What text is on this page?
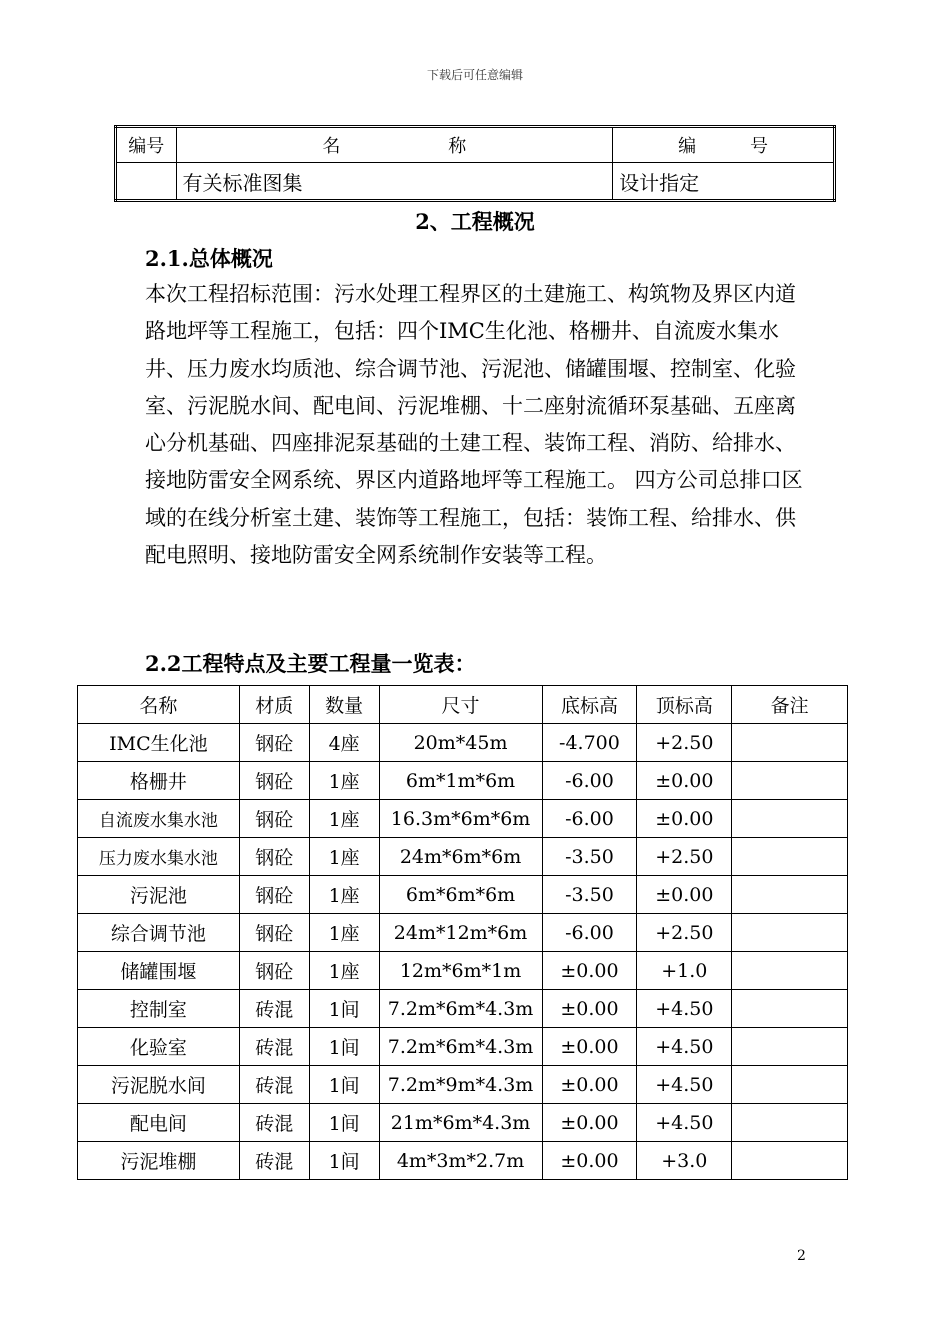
下载后可任意编辑
编号	名　　　　　　称	编　　　号
	有关标准图集	设计指定
2、工程概况
2.1.总体概况

本次工程招标范围：污水处理工程界区的土建施工、构筑物及界区内道路地坪等工程施工，包括：四个IMC生化池、格栅井、自流废水集水井、压力废水均质池、综合调节池、污泥池、储罐围堰、控制室、化验室、污泥脱水间、配电间、污泥堆棚、十二座射流循环泵基础、五座离心分机基础、四座排泥泵基础的土建工程、装饰工程、消防、给排水、接地防雷安全网系统、界区内道路地坪等工程施工。 四方公司总排口区域的在线分析室土建、装饰等工程施工，包括：装饰工程、给排水、供配电照明、接地防雷安全网系统制作安装等工程。

2.2工程特点及主要工程量一览表：
名称	材质	数量	尺寸	底标高	顶标高	备注
IMC生化池	钢砼	4座	20m*45m	-4.700	+2.50	
格栅井	钢砼	1座	6m*1m*6m	-6.00	±0.00	
自流废水集水池	钢砼	1座	16.3m*6m*6m	-6.00	±0.00	
压力废水集水池	钢砼	1座	24m*6m*6m	-3.50	+2.50	
污泥池	钢砼	1座	6m*6m*6m	-3.50	±0.00	
综合调节池	钢砼	1座	24m*12m*6m	-6.00	+2.50	
储罐围堰	钢砼	1座	12m*6m*1m	±0.00	+1.0	
控制室	砖混	1间	7.2m*6m*4.3m	±0.00	+4.50	
化验室	砖混	1间	7.2m*6m*4.3m	±0.00	+4.50	
污泥脱水间	砖混	1间	7.2m*9m*4.3m	±0.00	+4.50	
配电间	砖混	1间	21m*6m*4.3m	±0.00	+4.50	
污泥堆棚	砖混	1间	4m*3m*2.7m	±0.00	+3.0	
2
